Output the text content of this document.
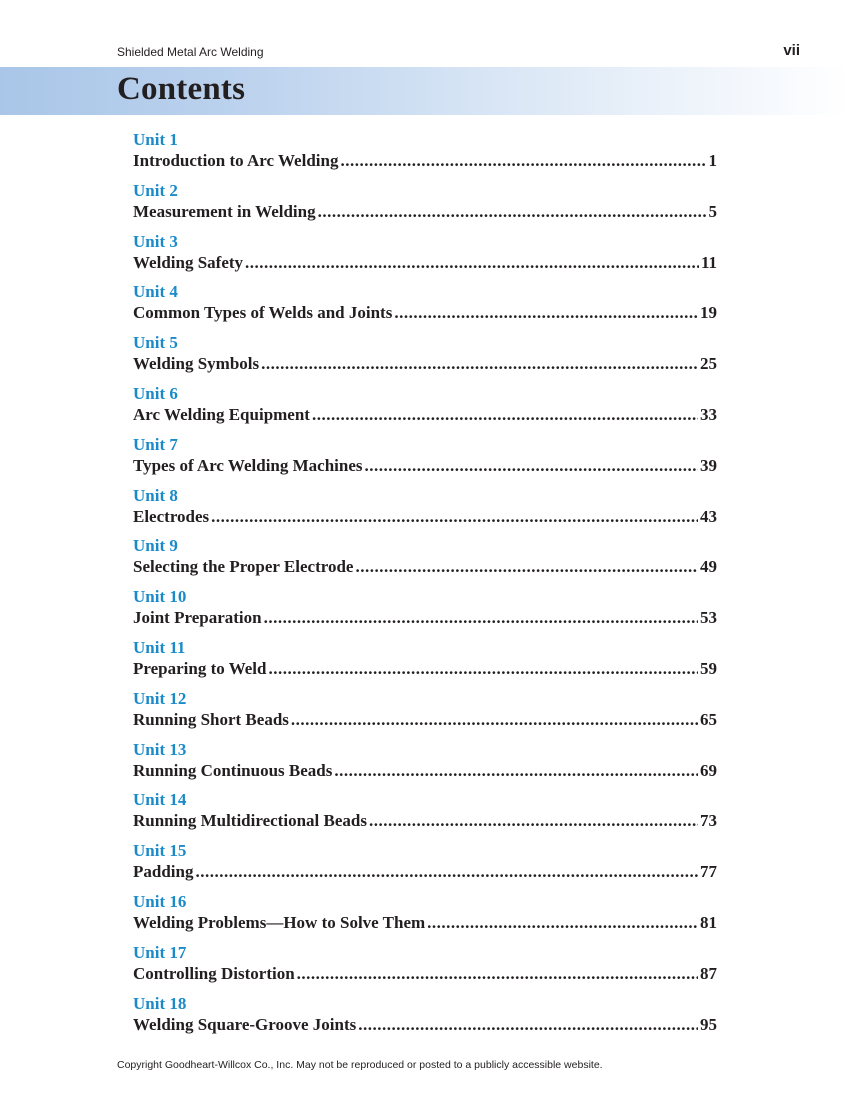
Shielded Metal Arc Welding	vii
Contents
Unit 1
Introduction to Arc Welding .....	1
Unit 2
Measurement in Welding .....	5
Unit 3
Welding Safety .....	11
Unit 4
Common Types of Welds and Joints .....	19
Unit 5
Welding Symbols .....	25
Unit 6
Arc Welding Equipment .....	33
Unit 7
Types of Arc Welding Machines .....	39
Unit 8
Electrodes .....	43
Unit 9
Selecting the Proper Electrode .....	49
Unit 10
Joint Preparation .....	53
Unit 11
Preparing to Weld .....	59
Unit 12
Running Short Beads .....	65
Unit 13
Running Continuous Beads .....	69
Unit 14
Running Multidirectional Beads .....	73
Unit 15
Padding .....	77
Unit 16
Welding Problems—How to Solve Them .....	81
Unit 17
Controlling Distortion .....	87
Unit 18
Welding Square-Groove Joints .....	95
Copyright Goodheart-Willcox Co., Inc. May not be reproduced or posted to a publicly accessible website.
